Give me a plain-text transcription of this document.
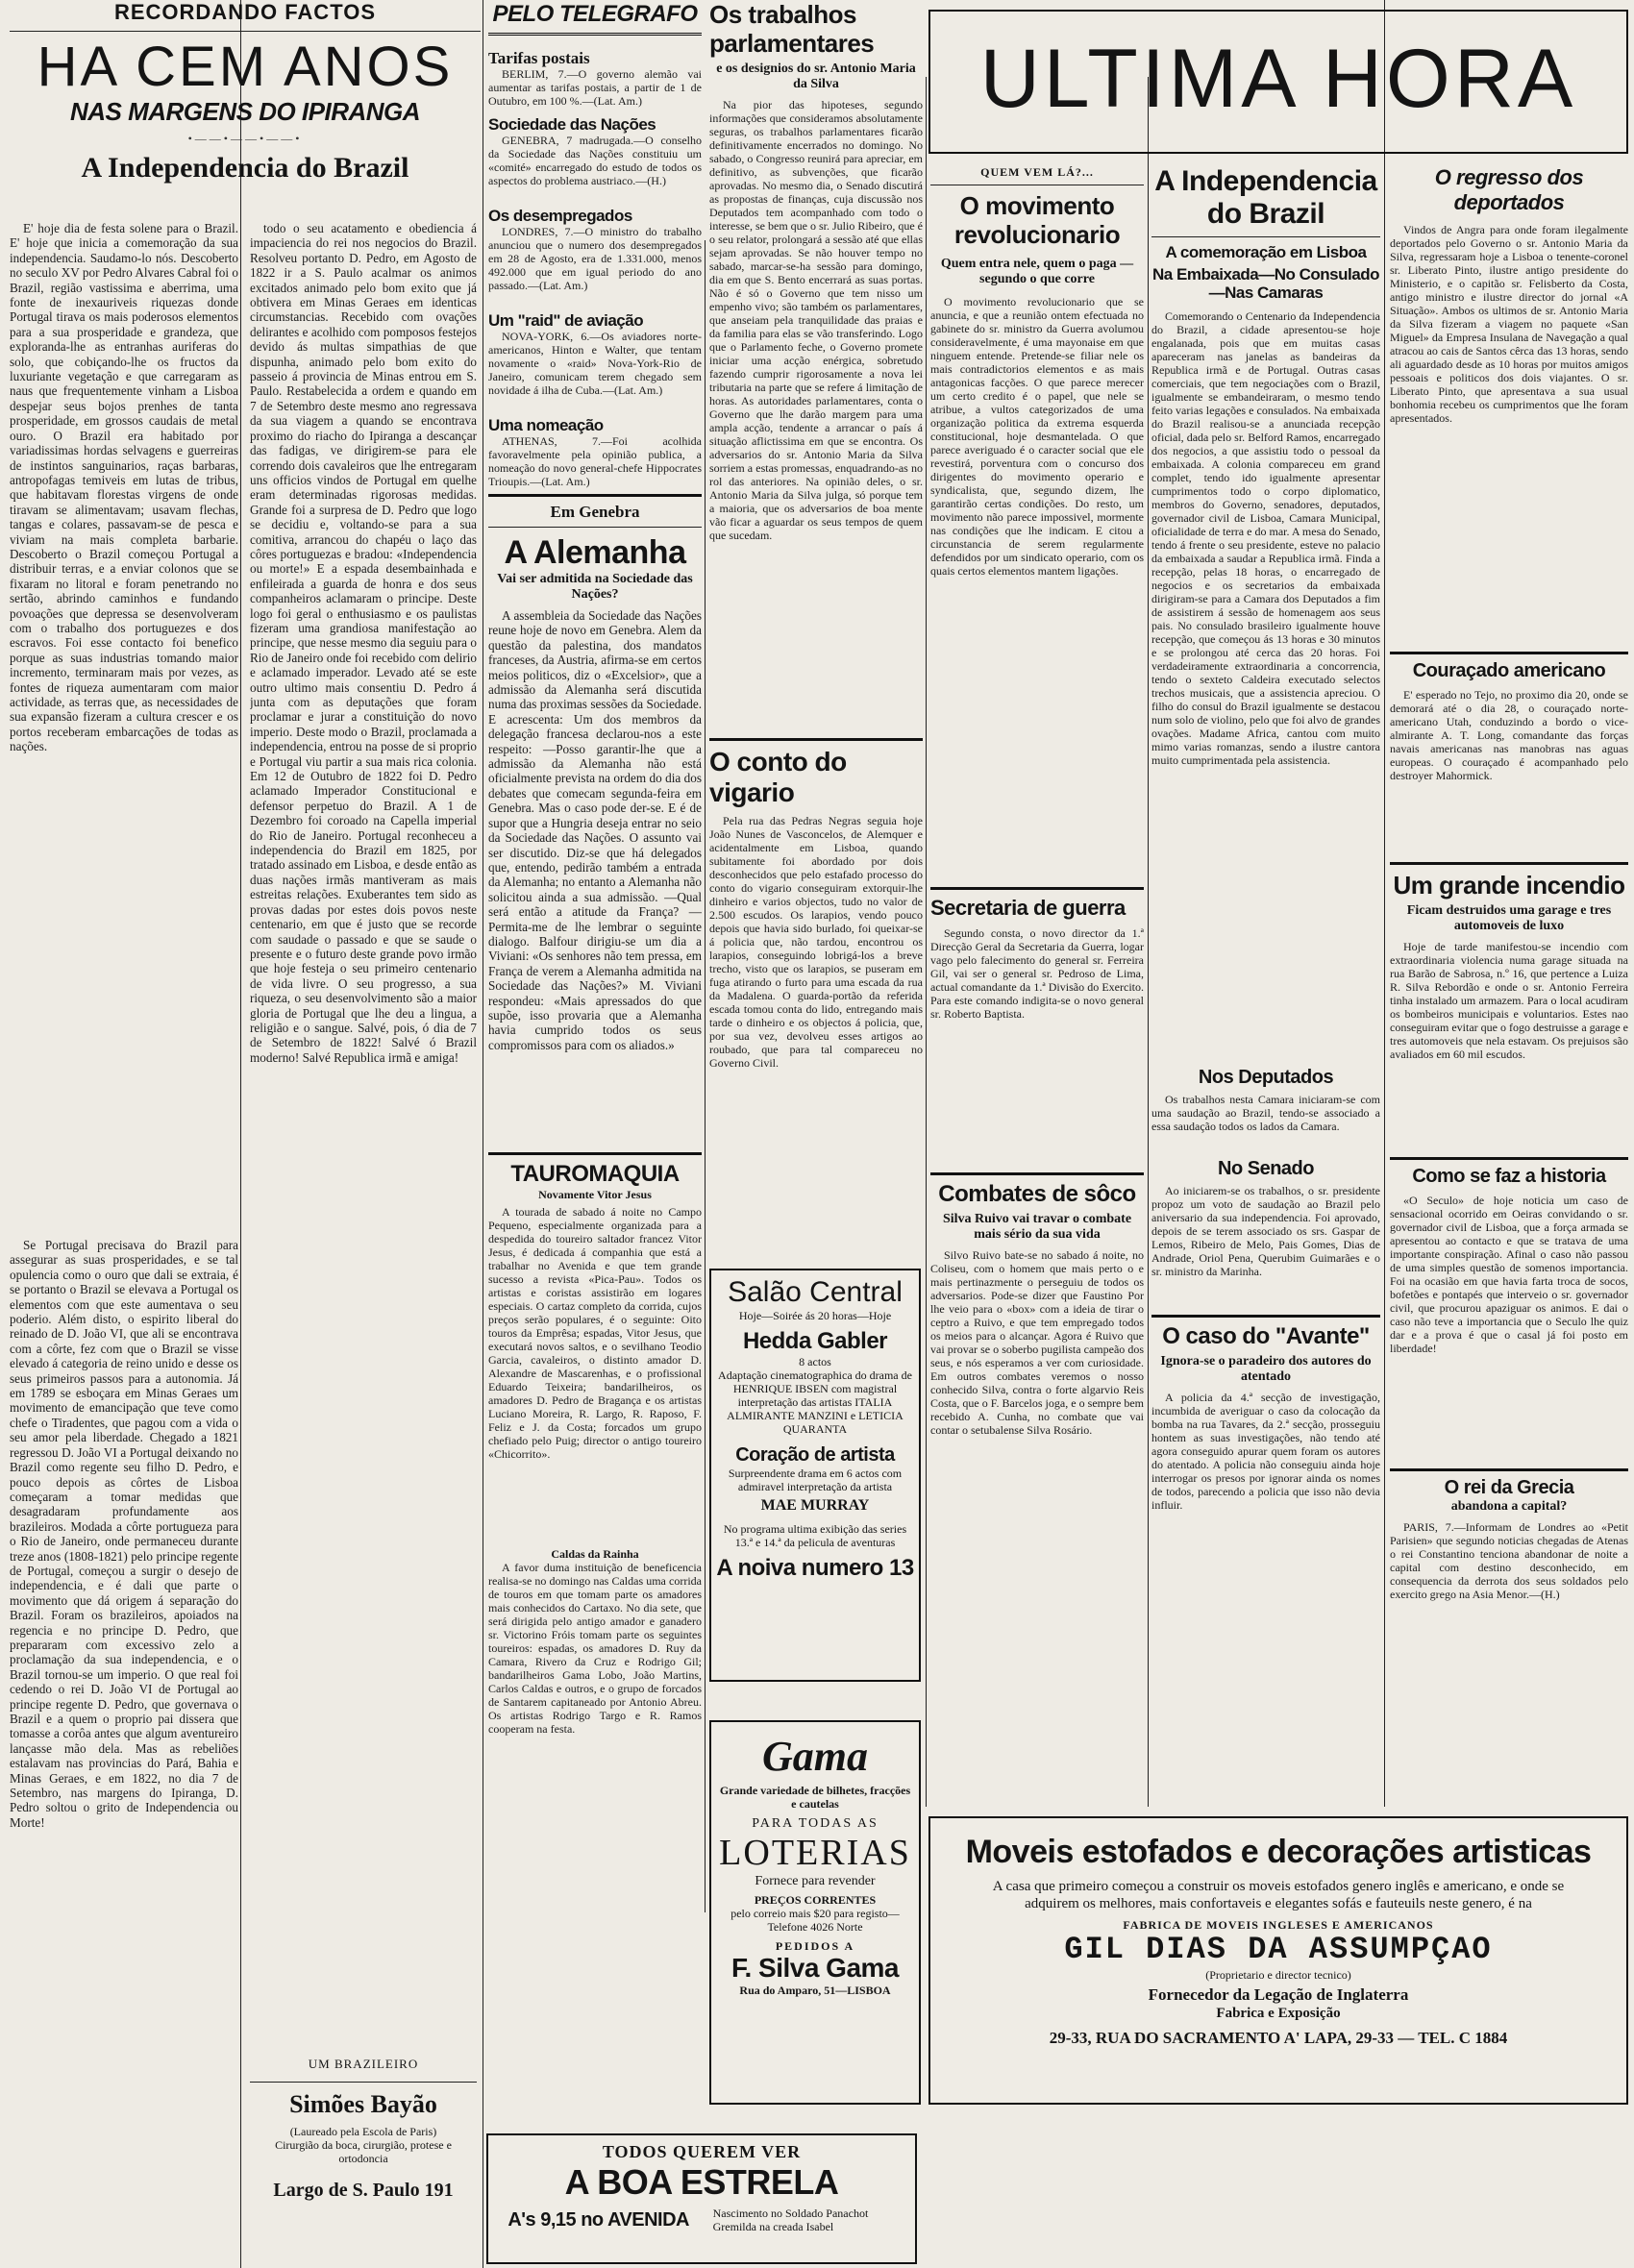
RECORDANDO FACTOS
HA CEM ANOS
NAS MARGENS DO IPIRANGA
•——•——•——•
A Independencia do Brazil

E' hoje dia de festa solene para o Brazil. E' hoje que inicia a comemoração da sua independencia. Saudamo-lo nós. Descoberto no seculo XV por Pedro Alvares Cabral foi o Brazil, região vastissima e aberrima, uma fonte de inexauriveis riquezas donde Portugal tirava os mais poderosos elementos para a sua prosperidade e grandeza, que exploranda-lhe as entranhas auriferas do solo, que cobiçando-lhe os fructos da luxuriante vegetação e que carregaram as naus que frequentemente vinham a Lisboa despejar seus bojos prenhes de tanta prosperidade, em grossos caudais de metal ouro. O Brazil era habitado por variadissimas hordas selvagens e guerreiras de instintos sanguinarios, raças barbaras, antropofagas temiveis em lutas de tribus, que habitavam florestas virgens de onde tiravam se alimentavam; usavam flechas, tangas e colares, passavam-se de pesca e viviam na mais completa barbarie. Descoberto o Brazil começou Portugal a distribuir terras, e a enviar colonos que se fixaram no litoral e foram penetrando no sertão, abrindo caminhos e fundando povoações que depressa se desenvolveram com o trabalho dos portuguezes e dos escravos. Foi esse contacto foi benefico porque as suas industrias tomando maior incremento, terminaram mais por vezes, as fontes de riqueza aumentaram com maior actividade, as terras que, as necessidades de sua expansão fizeram a cultura crescer e os portos receberam embarcações de todas as nações.

Se Portugal precisava do Brazil para assegurar as suas prosperidades, e se tal opulencia como o ouro que dali se extraia, é se portanto o Brazil se elevava a Portugal os elementos com que este aumentava o seu poderio. Além disto, o espirito liberal do reinado de D. João VI, que ali se encontrava com a côrte, fez com que o Brazil se visse elevado á categoria de reino unido e desse os seus primeiros passos para a autonomia. Já em 1789 se esboçara em Minas Geraes um movimento de emancipação que teve como chefe o Tiradentes, que pagou com a vida o seu amor pela liberdade. Chegado a 1821 regressou D. João VI a Portugal deixando no Brazil como regente seu filho D. Pedro, e pouco depois as côrtes de Lisboa começaram a tomar medidas que desagradaram profundamente aos brazileiros. Modada a côrte portugueza para o Rio de Janeiro, onde permaneceu durante treze anos (1808-1821) pelo principe regente de Portugal, começou a surgir o desejo de independencia, e é dali que parte o movimento que dá origem á separação do Brazil. Foram os brazileiros, apoiados na regencia e no principe D. Pedro, que prepararam com excessivo zelo a proclamação da sua independencia, e o Brazil tornou-se um imperio. O que real foi cedendo o rei D. João VI de Portugal ao principe regente D. Pedro, que governava o Brazil e a quem o proprio pai dissera que tomasse a corôa antes que algum aventureiro lançasse mão dela. Mas as rebeliões estalavam nas provincias do Pará, Bahia e Minas Geraes, e em 1822, no dia 7 de Setembro, nas margens do Ipiranga, D. Pedro soltou o grito de Independencia ou Morte!

todo o seu acatamento e obediencia á impaciencia do rei nos negocios do Brazil. Resolveu portanto D. Pedro, em Agosto de 1822 ir a S. Paulo acalmar os animos excitados animado pelo bom exito que já obtivera em Minas Geraes em identicas circumstancias. Recebido com ovações delirantes e acolhido com pomposos festejos devido ás multas simpathias de que dispunha, animado pelo bom exito do passeio á provincia de Minas entrou em S. Paulo. Restabelecida a ordem e quando em 7 de Setembro deste mesmo ano regressava da sua viagem a quando se encontrava proximo do riacho do Ipiranga a descançar das fadigas, ve dirigirem-se para ele correndo dois cavaleiros que lhe entregaram uns officios vindos de Portugal em quelhe eram determinadas rigorosas medidas. Grande foi a surpresa de D. Pedro que logo se decidiu e, voltando-se para a sua comitiva, arrancou do chapéu o laço das côres portuguezas e bradou: «Independencia ou morte!» E a espada desembainhada e enfileirada a guarda de honra e dos seus companheiros aclamaram o principe. Deste logo foi geral o enthusiasmo e os paulistas fizeram uma grandiosa manifestação ao principe, que nesse mesmo dia seguiu para o Rio de Janeiro onde foi recebido com delirio e aclamado imperador. Levado até se este outro ultimo mais consentiu D. Pedro á junta com as deputações que foram proclamar e jurar a constituição do novo imperio. Deste modo o Brazil, proclamada a independencia, entrou na posse de si proprio e Portugal viu partir a sua mais rica colonia. Em 12 de Outubro de 1822 foi D. Pedro aclamado Imperador Constitucional e defensor perpetuo do Brazil. A 1 de Dezembro foi coroado na Capella imperial do Rio de Janeiro. Portugal reconheceu a independencia do Brazil em 1825, por tratado assinado em Lisboa, e desde então as duas nações irmãs mantiveram as mais estreitas relações. Exuberantes tem sido as provas dadas por estes dois povos neste centenario, em que é justo que se recorde com saudade o passado e que se saude o presente e o futuro deste grande povo irmão que hoje festeja o seu primeiro centenario de vida livre. O seu progresso, a sua riqueza, o seu desenvolvimento são a maior gloria de Portugal que lhe deu a lingua, a religião e o sangue. Salvé, pois, ó dia de 7 de Setembro de 1822! Salvé ó Brazil moderno! Salvé Republica irmã e amiga!

UM BRAZILEIRO
Simões Bayão
(Laureado pela Escola de Paris)
Cirurgião da boca, cirurgião, protese e ortodoncia
Largo de S. Paulo 191
PELO TELEGRAFO
Tarifas postais

BERLIM, 7.—O governo alemão vai aumentar as tarifas postais, a partir de 1 de Outubro, em 100 %.—(Lat. Am.)

Sociedade das Nações

GENEBRA, 7 madrugada.—O conselho da Sociedade das Nações constituiu um «comité» encarregado do estudo de todos os aspectos do problema austriaco.—(H.)

Os desempregados

LONDRES, 7.—O ministro do trabalho anunciou que o numero dos desempregados em 28 de Agosto, era de 1.331.000, menos 492.000 que em igual periodo do ano passado.—(Lat. Am.)

Um "raid" de aviação

NOVA-YORK, 6.—Os aviadores norte-americanos, Hinton e Walter, que tentam novamente o «raid» Nova-York-Rio de Janeiro, comunicam terem chegado sem novidade á ilha de Cuba.—(Lat. Am.)

Uma nomeação

ATHENAS, 7.—Foi acolhida favoravelmente pela opinião publica, a nomeação do novo general-chefe Hippocrates Trioupis.—(Lat. Am.)

Em Genebra
A Alemanha
Vai ser admitida na Sociedade das Nações?

A assembleia da Sociedade das Nações reune hoje de novo em Genebra. Alem da questão da palestina, dos mandatos franceses, da Austria, afirma-se em certos meios politicos, diz o «Excelsior», que a admissão da Alemanha será discutida numa das proximas sessões da Sociedade. E acrescenta: Um dos membros da delegação francesa declarou-nos a este respeito: —Posso garantir-lhe que a admissão da Alemanha não está oficialmente prevista na ordem do dia dos debates que comecam segunda-feira em Genebra. Mas o caso pode der-se. E é de supor que a Hungria deseja entrar no seio da Sociedade das Nações. O assunto vai ser discutido. Diz-se que há delegados que, entendo, pedirão também a entrada da Alemanha; no entanto a Alemanha não solicitou ainda a sua admissão. —Qual será então a atitude da França? —Permita-me de lhe lembrar o seguinte dialogo. Balfour dirigiu-se um dia a Viviani: «Os senhores não tem pressa, em França de verem a Alemanha admitida na Sociedade das Nações?» M. Viviani respondeu: «Mais apressados do que supõe, isso provaria que a Alemanha havia cumprido todos os seus compromissos para com os aliados.»

TAUROMAQUIA
Novamente Vitor Jesus

A tourada de sabado á noite no Campo Pequeno, especialmente organizada para a despedida do toureiro saltador francez Vitor Jesus, é dedicada á companhia que está a trabalhar no Avenida e que tem grande sucesso a revista «Pica-Pau». Todos os artistas e coristas assistirão em logares especiais. O cartaz completo da corrida, cujos preços serão populares, é o seguinte: Oito touros da Emprêsa; espadas, Vitor Jesus, que executará novos saltos, e o sevilhano Teodio Garcia, cavaleiros, o distinto amador D. Alexandre de Mascarenhas, e o profissional Eduardo Teixeira; bandarilheiros, os amadores D. Pedro de Bragança e os artistas Luciano Moreira, R. Largo, R. Raposo, F. Feliz e J. da Costa; forcados um grupo chefiado pelo Puig; director o antigo toureiro «Chicorrito».

Caldas da Rainha

A favor duma instituição de beneficencia realisa-se no domingo nas Caldas uma corrida de touros em que tomam parte os amadores mais conhecidos do Cartaxo. No dia sete, que será dirigida pelo antigo amador e ganadero sr. Victorino Fróis tomam parte os seguintes toureiros: espadas, os amadores D. Ruy da Camara, Rivero da Cruz e Rodrigo Gil; bandarilheiros Gama Lobo, João Martins, Carlos Caldas e outros, e o grupo de forcados de Santarem capitaneado por Antonio Abreu. Os artistas Rodrigo Targo e R. Ramos cooperam na festa.

TODOS QUEREM VER
A BOA ESTRELA
A's 9,15 no AVENIDA Nascimento no Soldado Panachot Gremilda na creada Isabel
Os trabalhos parlamentares
e os designios do sr. Antonio Maria da Silva

Na pior das hipoteses, segundo informações que consideramos absolutamente seguras, os trabalhos parlamentares ficarão definitivamente encerrados no domingo. No sabado, o Congresso reunirá para apreciar, em definitivo, as subvenções, que ficarão aprovadas. No mesmo dia, o Senado discutirá as propostas de finanças, cuja discussão nos Deputados tem acompanhado com todo o interesse, se bem que o sr. Julio Ribeiro, que é o seu relator, prolongará a sessão até que ellas sejam aprovadas. Se não houver tempo no sabado, marcar-se-ha sessão para domingo, dia em que S. Bento encerrará as suas portas. Não é só o Governo que tem nisso um empenho vivo; são também os parlamentares, que anseiam pela tranquilidade das praias e da familia para elas se vão transferindo. Logo que o Parlamento feche, o Governo promete iniciar uma acção enérgica, sobretudo fazendo cumprir rigorosamente a nova lei tributaria na parte que se refere á limitação de horas. As autoridades parlamentares, conta o Governo que lhe darão margem para uma ampla acção, tendente a arrancar o país á situação aflictissima em que se encontra. Os adversarios do sr. Antonio Maria da Silva sorriem a estas promessas, enquadrando-as no rol das anteriores. Na opinião deles, o sr. Antonio Maria da Silva julga, só porque tem a maioria, que os adversarios de boa mente vão ficar a aguardar os seus tempos de quem que sucedam.

O conto do vigario

Pela rua das Pedras Negras seguia hoje João Nunes de Vasconcelos, de Alemquer e acidentalmente em Lisboa, quando subitamente foi abordado por dois desconhecidos que pelo estafado processo do conto do vigario conseguiram extorquir-lhe dinheiro e varios objectos, tudo no valor de 2.500 escudos. Os larapios, vendo pouco depois que havia sido burlado, foi queixar-se á policia que, não tardou, encontrou os larapios, conseguindo lobrigá-los a breve trecho, visto que os larapios, se puseram em fuga atirando o furto para uma escada da rua da Madalena. O guarda-portão da referida escada tomou conta do lido, entregando mais tarde o dinheiro e os objectos á policia, que, por sua vez, devolveu esses artigos ao roubado, que para tal compareceu no Governo Civil.

Salão Central
Hoje—Soirée ás 20 horas—Hoje
Hedda Gabler
8 actos
Adaptação cinematographica do drama de HENRIQUE IBSEN com magistral interpretação das artistas ITALIA ALMIRANTE MANZINI e LETICIA QUARANTA
Coração de artista
Surpreendente drama em 6 actos com admiravel interpretação da artista
MAE MURRAY
No programa ultima exibição das series 13.ª e 14.ª da pelicula de aventuras
A noiva numero 13
Gama
Grande variedade de bilhetes, fracções e cautelas
PARA TODAS AS
LOTERIAS
Fornece para revender
PREÇOS CORRENTES
pelo correio mais $20 para registo—Telefone 4026 Norte
PEDIDOS A
F. Silva Gama
Rua do Amparo, 51—LISBOA
ULTIMA HORA
QUEM VEM LÁ?...
O movimento revolucionario
Quem entra nele, quem o paga — segundo o que corre

O movimento revolucionario que se anuncia, e que a reunião ontem efectuada no gabinete do sr. ministro da Guerra avolumou consideravelmente, é uma mayonaise em que ninguem entende. Pretende-se filiar nele os mais contradictorios elementos e as mais antagonicas facções. O que parece merecer um certo credito é o papel, que nele se atribue, a vultos categorizados de uma organização politica da extrema esquerda constitucional, hoje desmantelada. O que parece averiguado é o caracter social que ele revestirá, porventura com o concurso dos dirigentes do movimento operario e syndicalista, que, segundo dizem, lhe garantirão certas condições. Do resto, um movimento não parece impossivel, mormente nas condições que lhe indicam. E citou a circunstancia de serem regularmente defendidos por um sindicato operario, com os quais certos elementos mantem ligações.

Secretaria de guerra

Segundo consta, o novo director da 1.ª Direcção Geral da Secretaria da Guerra, logar vago pelo falecimento do general sr. Ferreira Gil, vai ser o general sr. Pedroso de Lima, actual comandante da 1.ª Divisão do Exercito. Para este comando indigita-se o novo general sr. Roberto Baptista.

Combates de sôco
Silva Ruivo vai travar o combate mais sério da sua vida

Silvo Ruivo bate-se no sabado á noite, no Coliseu, com o homem que mais perto o e mais pertinazmente o perseguiu de todos os adversarios. Pode-se dizer que Faustino Por lhe veio para o «box» com a ideia de tirar o ceptro a Ruivo, e que tem empregado todos os meios para o alcançar. Agora é Ruivo que vai provar se o soberbo pugilista campeão dos seus, e nós esperamos a ver com curiosidade. Em outros combates veremos o nosso conhecido Silva, contra o forte algarvio Reis Costa, que o F. Barcelos joga, e o sempre bem recebido A. Cunha, no combate que vai contar o setubalense Silva Rosário.

A Independencia do Brazil
A comemoração em Lisboa
Na Embaixada—No Consulado—Nas Camaras

Comemorando o Centenario da Independencia do Brazil, a cidade apresentou-se hoje engalanada, pois que em muitas casas apareceram nas janelas as bandeiras da Republica irmã e de Portugal. Outras casas comerciais, que tem negociações com o Brazil, igualmente se embandeiraram, o mesmo tendo feito varias legações e consulados. Na embaixada do Brazil realisou-se a anunciada recepção oficial, dada pelo sr. Belford Ramos, encarregado dos negocios, a que assistiu todo o pessoal da embaixada. A colonia compareceu em grand complet, tendo ido igualmente apresentar cumprimentos todo o corpo diplomatico, membros do Governo, senadores, deputados, governador civil de Lisboa, Camara Municipal, oficialidade de terra e do mar. A mesa do Senado, tendo á frente o seu presidente, esteve no palacio da embaixada a saudar a Republica irmã. Finda a recepção, pelas 18 horas, o encarregado de negocios e os secretarios da embaixada dirigiram-se para a Camara dos Deputados a fim de assistirem á sessão de homenagem aos seus pais. No consulado brasileiro igualmente houve recepção, que começou ás 13 horas e 30 minutos e se prolongou até cerca das 20 horas. Foi verdadeiramente extraordinaria a concorrencia, tendo o sexteto Caldeira executado selectos trechos musicais, que a assistencia apreciou. O filho do consul do Brazil igualmente se destacou num solo de violino, pelo que foi alvo de grandes ovações. Madame Africa, cantou com muito mimo varias romanzas, sendo a ilustre cantora muito cumprimentada pela assistencia.

Nos Deputados

Os trabalhos nesta Camara iniciaram-se com uma saudação ao Brazil, tendo-se associado a essa saudação todos os lados da Camara.

No Senado

Ao iniciarem-se os trabalhos, o sr. presidente propoz um voto de saudação ao Brazil pelo aniversario da sua independencia. Foi aprovado, depois de se terem associado os srs. Gaspar de Lemos, Ribeiro de Melo, Pais Gomes, Dias de Andrade, Oriol Pena, Querubim Guimarães e o sr. ministro da Marinha.

O caso do "Avante"
Ignora-se o paradeiro dos autores do atentado

A policia da 4.ª secção de investigação, incumbida de averiguar o caso da colocação da bomba na rua Tavares, da 2.ª secção, prosseguiu hontem as suas investigações, não tendo até agora conseguido apurar quem foram os autores do atentado. A policia não conseguiu ainda hoje interrogar os presos por ignorar ainda os nomes de todos, parecendo a policia que isso não devia influir.

O regresso dos deportados

Vindos de Angra para onde foram ilegalmente deportados pelo Governo o sr. Antonio Maria da Silva, regressaram hoje a Lisboa o tenente-coronel sr. Liberato Pinto, ilustre antigo presidente do Ministerio, e o capitão sr. Felisberto da Costa, antigo ministro e ilustre director do jornal «A Situação». Ambos os ultimos de sr. Antonio Maria da Silva fizeram a viagem no paquete «San Miguel» da Empresa Insulana de Navegação a qual atracou ao cais de Santos cêrca das 13 horas, sendo ali aguardado desde as 10 horas por muitos amigos pessoais e politicos dos dois viajantes. O sr. Liberato Pinto, que apresentava a sua usual bonhomia recebeu os cumprimentos que lhe foram apresentados.

Couraçado americano

E' esperado no Tejo, no proximo dia 20, onde se demorará até o dia 28, o couraçado norte-americano Utah, conduzindo a bordo o vice-almirante A. T. Long, comandante das forças navais americanas nas manobras nas aguas europeas. O couraçado é acompanhado pelo destroyer Mahormick.

Um grande incendio
Ficam destruidos uma garage e tres automoveis de luxo

Hoje de tarde manifestou-se incendio com extraordinaria violencia numa garage situada na rua Barão de Sabrosa, n.º 16, que pertence a Luiza R. Silva Rebordão e onde o sr. Antonio Ferreira tinha instalado um armazem. Para o local acudiram os bombeiros municipais e voluntarios. Estes nao conseguiram evitar que o fogo destruisse a garage e tres automoveis que nela estavam. Os prejuisos são avaliados em 60 mil escudos.

Como se faz a historia

«O Seculo» de hoje noticia um caso de sensacional ocorrido em Oeiras convidando o sr. governador civil de Lisboa, que a força armada se apresentou ao contacto e que se tratava de uma importante conspiração. Afinal o caso não passou de uma simples questão de somenos importancia. Foi na ocasião em que havia farta troca de socos, bofetões e pontapés que interveio o sr. governador civil, que procurou apaziguar os animos. E dai o caso não teve a importancia que o Seculo lhe quiz dar e a prova é que o casal já foi posto em liberdade!

O rei da Grecia
abandona a capital?

PARIS, 7.—Informam de Londres ao «Petit Parisien» que segundo noticias chegadas de Atenas o rei Constantino tenciona abandonar de noite a capital com destino desconhecido, em consequencia da derrota dos seus soldados pelo exercito grego na Asia Menor.—(H.)

Moveis estofados e decorações artisticas
A casa que primeiro começou a construir os moveis estofados genero inglês e americano, e onde se adquirem os melhores, mais confortaveis e elegantes sofás e fauteuils neste genero, é na
FABRICA DE MOVEIS INGLESES E AMERICANOS
GIL DIAS DA ASSUMPÇAO
(Proprietario e director tecnico)
Fornecedor da Legação de Inglaterra
Fabrica e Exposição
29-33, RUA DO SACRAMENTO A' LAPA, 29-33 — TEL. C 1884
